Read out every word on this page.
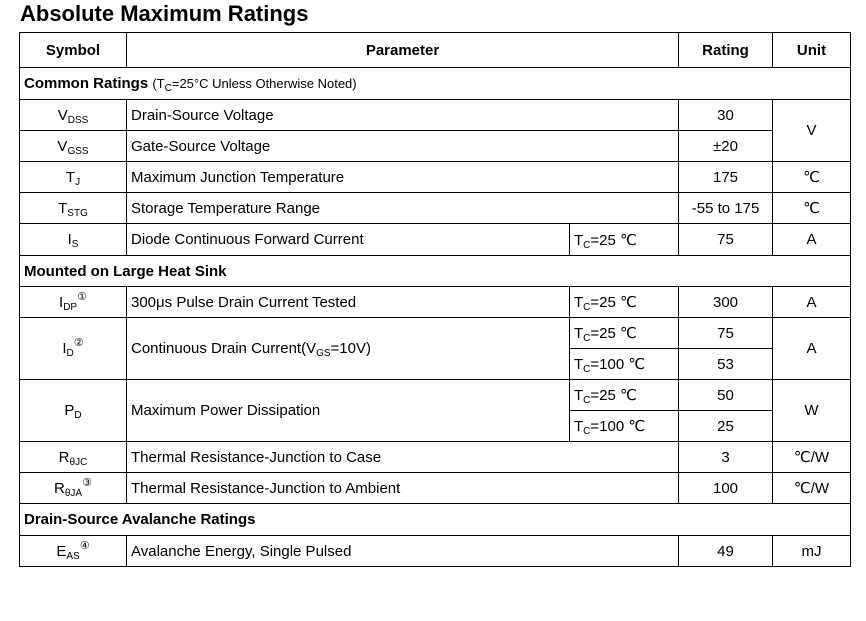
Absolute Maximum Ratings
Symbol	Parameter		Rating	Unit
Common Ratings ($T_C=25^\circ C$ Unless Otherwise Noted)				
$V_{DSS}$	Drain-Source Voltage		30	V
$V_{GSS}$	Gate-Source Voltage		±20	
$T_J$	Maximum Junction Temperature		175	℃
$T_{STG}$	Storage Temperature Range		-55 to 175	℃
$I_S$	Diode Continuous Forward Current	$T_C=25$ ℃	75	A
Mounted on Large Heat Sink				
$I_{DP}^①$	300μs Pulse Drain Current Tested	$T_C=25$ ℃	300	A
$I_D^②$	Continuous Drain $Current(V_{GS}=10V)$	$T_C=25$ ℃	75	A
		$T_C=100$ ℃	53	
$P_D$	Maximum Power Dissipation	$T_C=25$ ℃	50	W
		$T_C=100$ ℃	25	
$R_{\theta JC}$	Thermal Resistance-Junction to Case		3	℃/W
$R_{\theta JA}^③$	Thermal Resistance-Junction to Ambient		100	℃/W
Drain-Source Avalanche Ratings				
$E_{AS}^④$	Avalanche Energy, Single Pulsed		49	mJ
